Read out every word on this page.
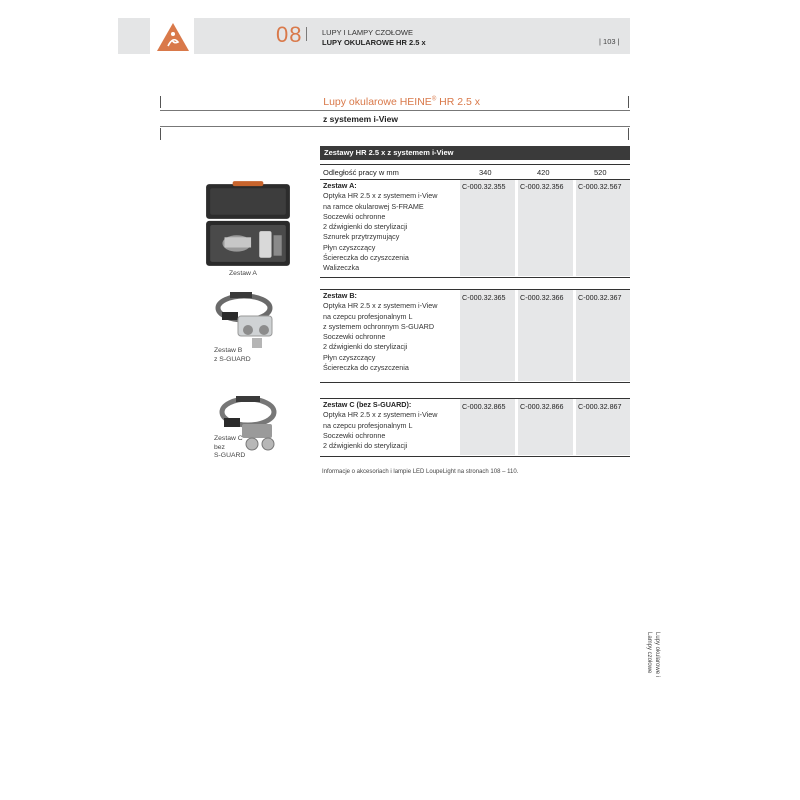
08	LUPY I LAMPY CZOŁOWE
LUPY OKULAROWE HR 2.5 x	| 103 |
Lupy okularowe HEINE® HR 2.5 x
z systemem i-View
Zestawy HR 2.5 x z systemem i-View
Odległość pracy w mm	340	420	520
Zestaw A:
Optyka HR 2.5 x z systemem i-View
na ramce okularowej S-FRAME
Soczewki ochronne
2 dźwigienki do sterylizacji
Sznurek przytrzymujący
Płyn czyszczący
Ściereczka do czyszczenia
Walizeczka
C-000.32.355 C-000.32.356 C-000.32.567
Zestaw A
Zestaw B:
Optyka HR 2.5 x z systemem i-View
na czepcu profesjonalnym L
z systemem ochronnym S-GUARD
Soczewki ochronne
2 dźwigienki do sterylizacji
Płyn czyszczący
Ściereczka do czyszczenia
C-000.32.365 C-000.32.366 C-000.32.367
Zestaw B
z S-GUARD
Zestaw C (bez S-GUARD):
Optyka HR 2.5 x z systemem i-View
na czepcu profesjonalnym L
Soczewki ochronne
2 dźwigienki do sterylizacji
C-000.32.865 C-000.32.866 C-000.32.867
Zestaw C
bez
S-GUARD
Informacje o akcesoriach i lampie LED LoupeLight na stronach 108 – 110.
Lupy okularowe i
Lampy czołowe
